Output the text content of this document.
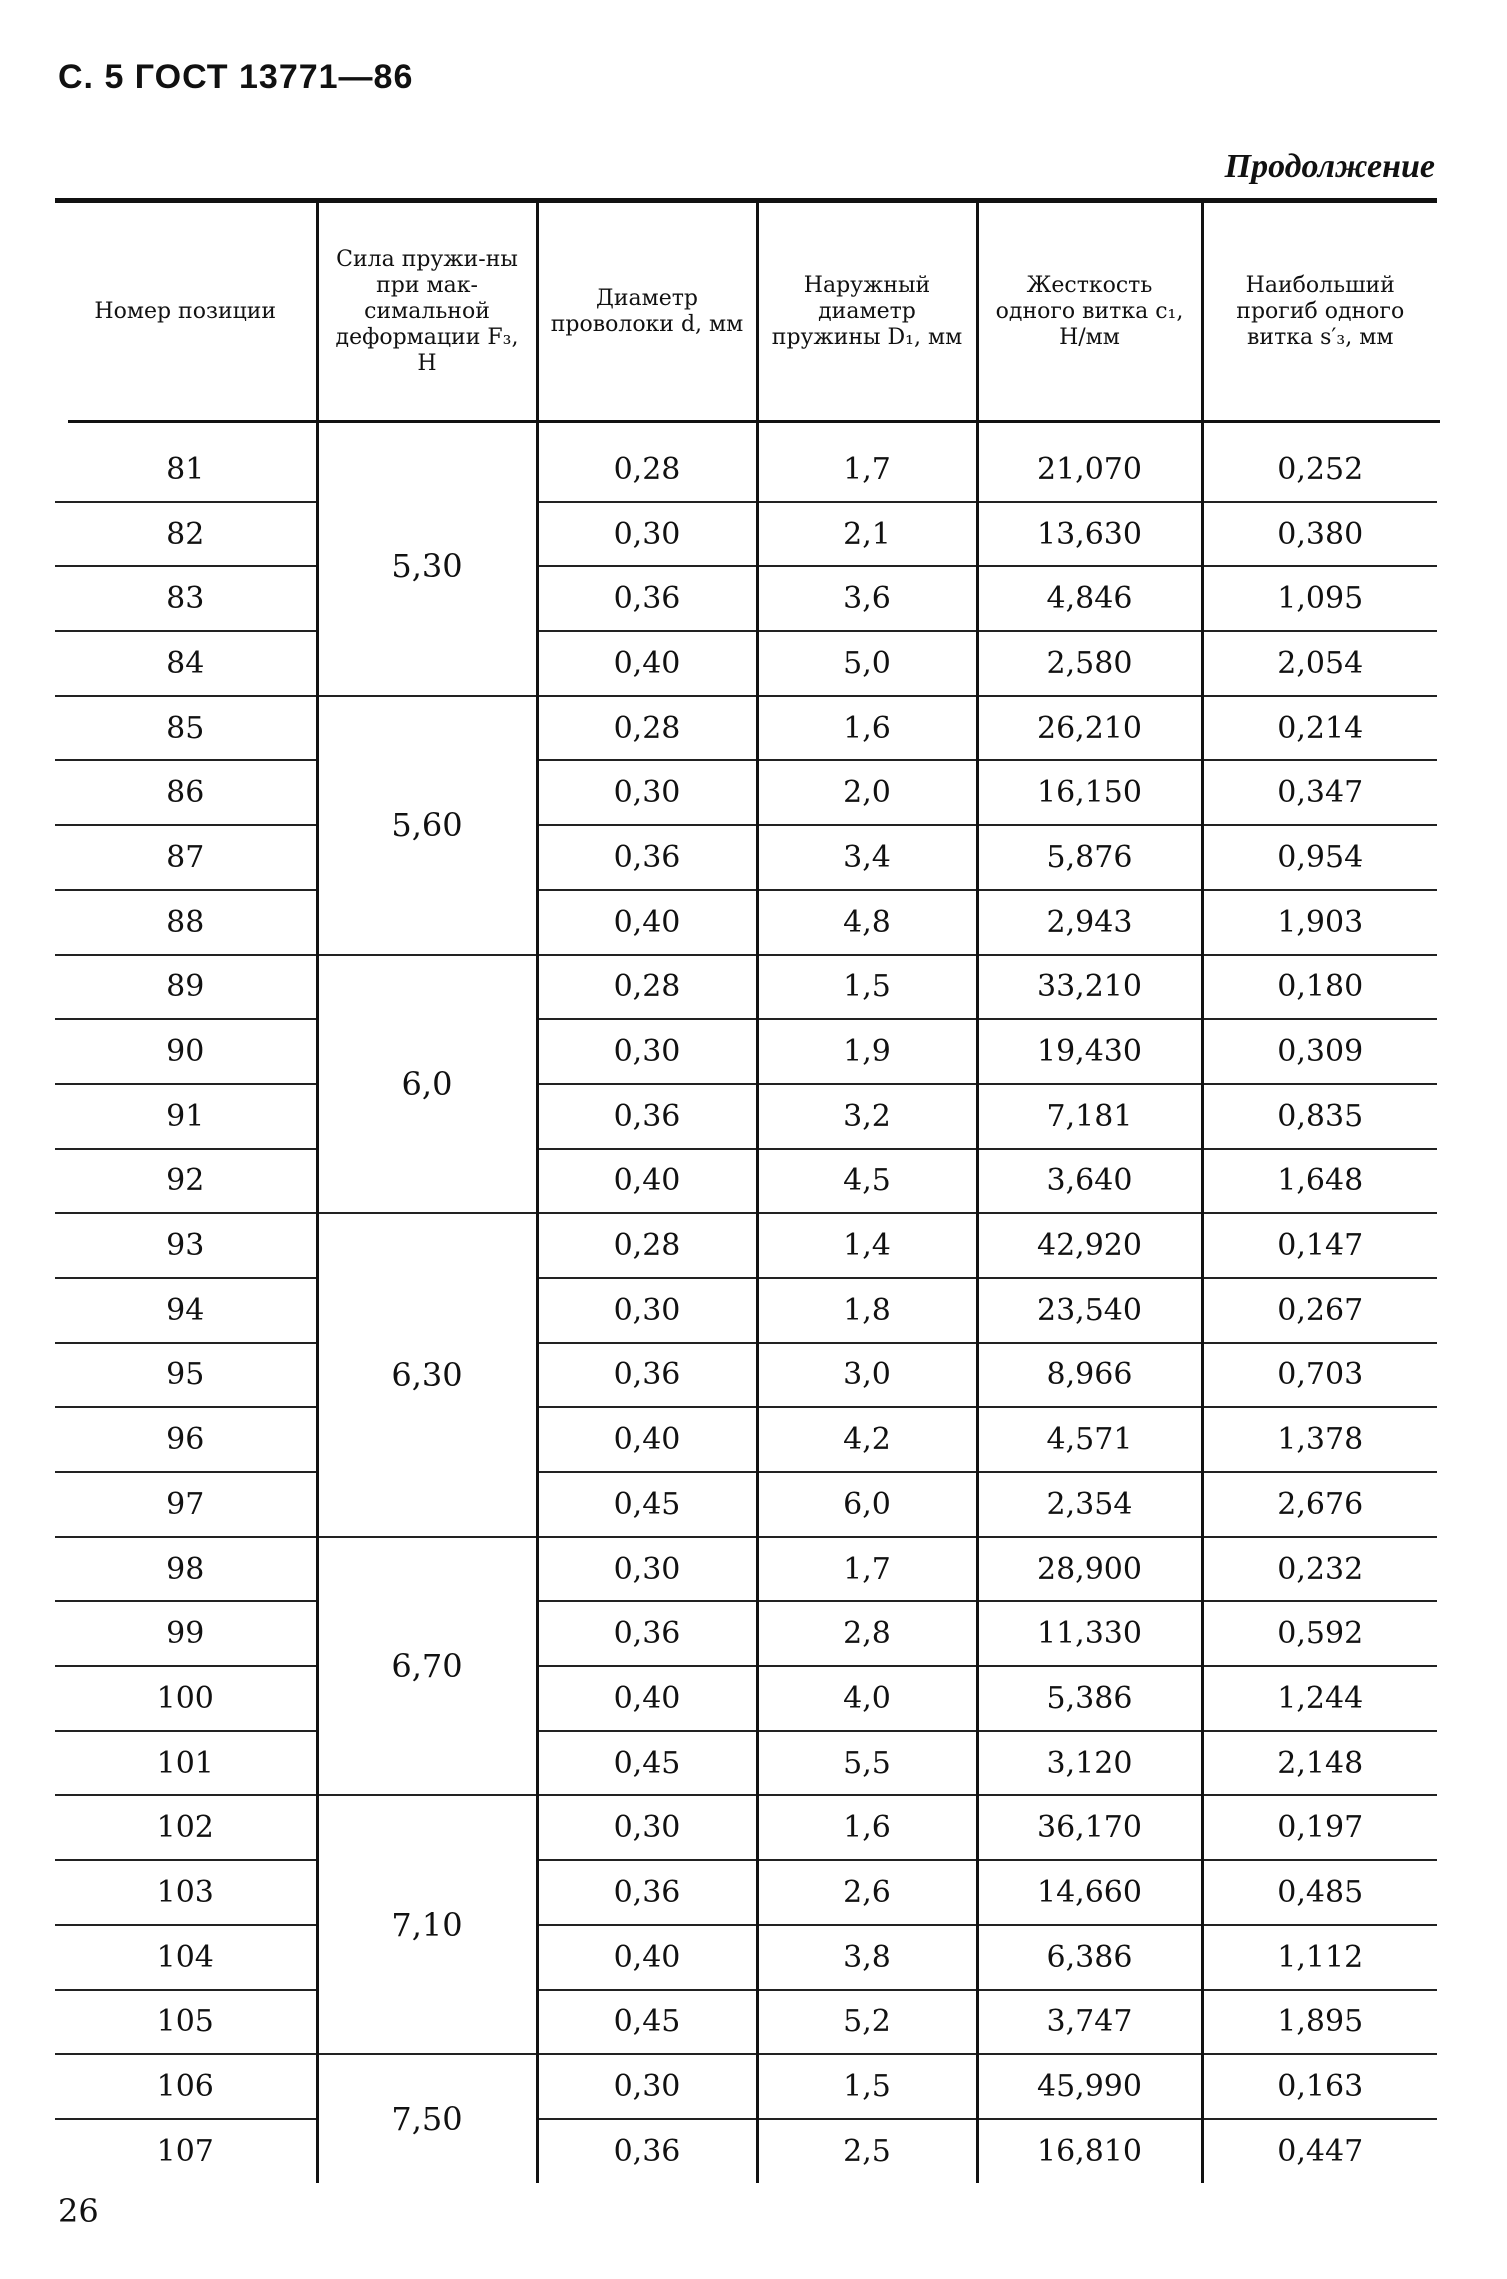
С. 5 ГОСТ 13771—86
Продолжение
Номер позиции	Сила пружи-ны при мак-симальной деформации F₃, Н	Диаметр проволоки d, мм	Наружный диаметр пружины D₁, мм	Жесткость одного витка c₁, Н/мм	Наибольший прогиб одного витка s′₃, мм
81	5,30	0,28	1,7	21,070	0,252
82		0,30	2,1	13,630	0,380
83		0,36	3,6	4,846	1,095
84		0,40	5,0	2,580	2,054
85	5,60	0,28	1,6	26,210	0,214
86		0,30	2,0	16,150	0,347
87		0,36	3,4	5,876	0,954
88		0,40	4,8	2,943	1,903
89	6,0	0,28	1,5	33,210	0,180
90		0,30	1,9	19,430	0,309
91		0,36	3,2	7,181	0,835
92		0,40	4,5	3,640	1,648
93	6,30	0,28	1,4	42,920	0,147
94		0,30	1,8	23,540	0,267
95		0,36	3,0	8,966	0,703
96		0,40	4,2	4,571	1,378
97		0,45	6,0	2,354	2,676
98	6,70	0,30	1,7	28,900	0,232
99		0,36	2,8	11,330	0,592
100		0,40	4,0	5,386	1,244
101		0,45	5,5	3,120	2,148
102	7,10	0,30	1,6	36,170	0,197
103		0,36	2,6	14,660	0,485
104		0,40	3,8	6,386	1,112
105		0,45	5,2	3,747	1,895
106	7,50	0,30	1,5	45,990	0,163
107		0,36	2,5	16,810	0,447
26
